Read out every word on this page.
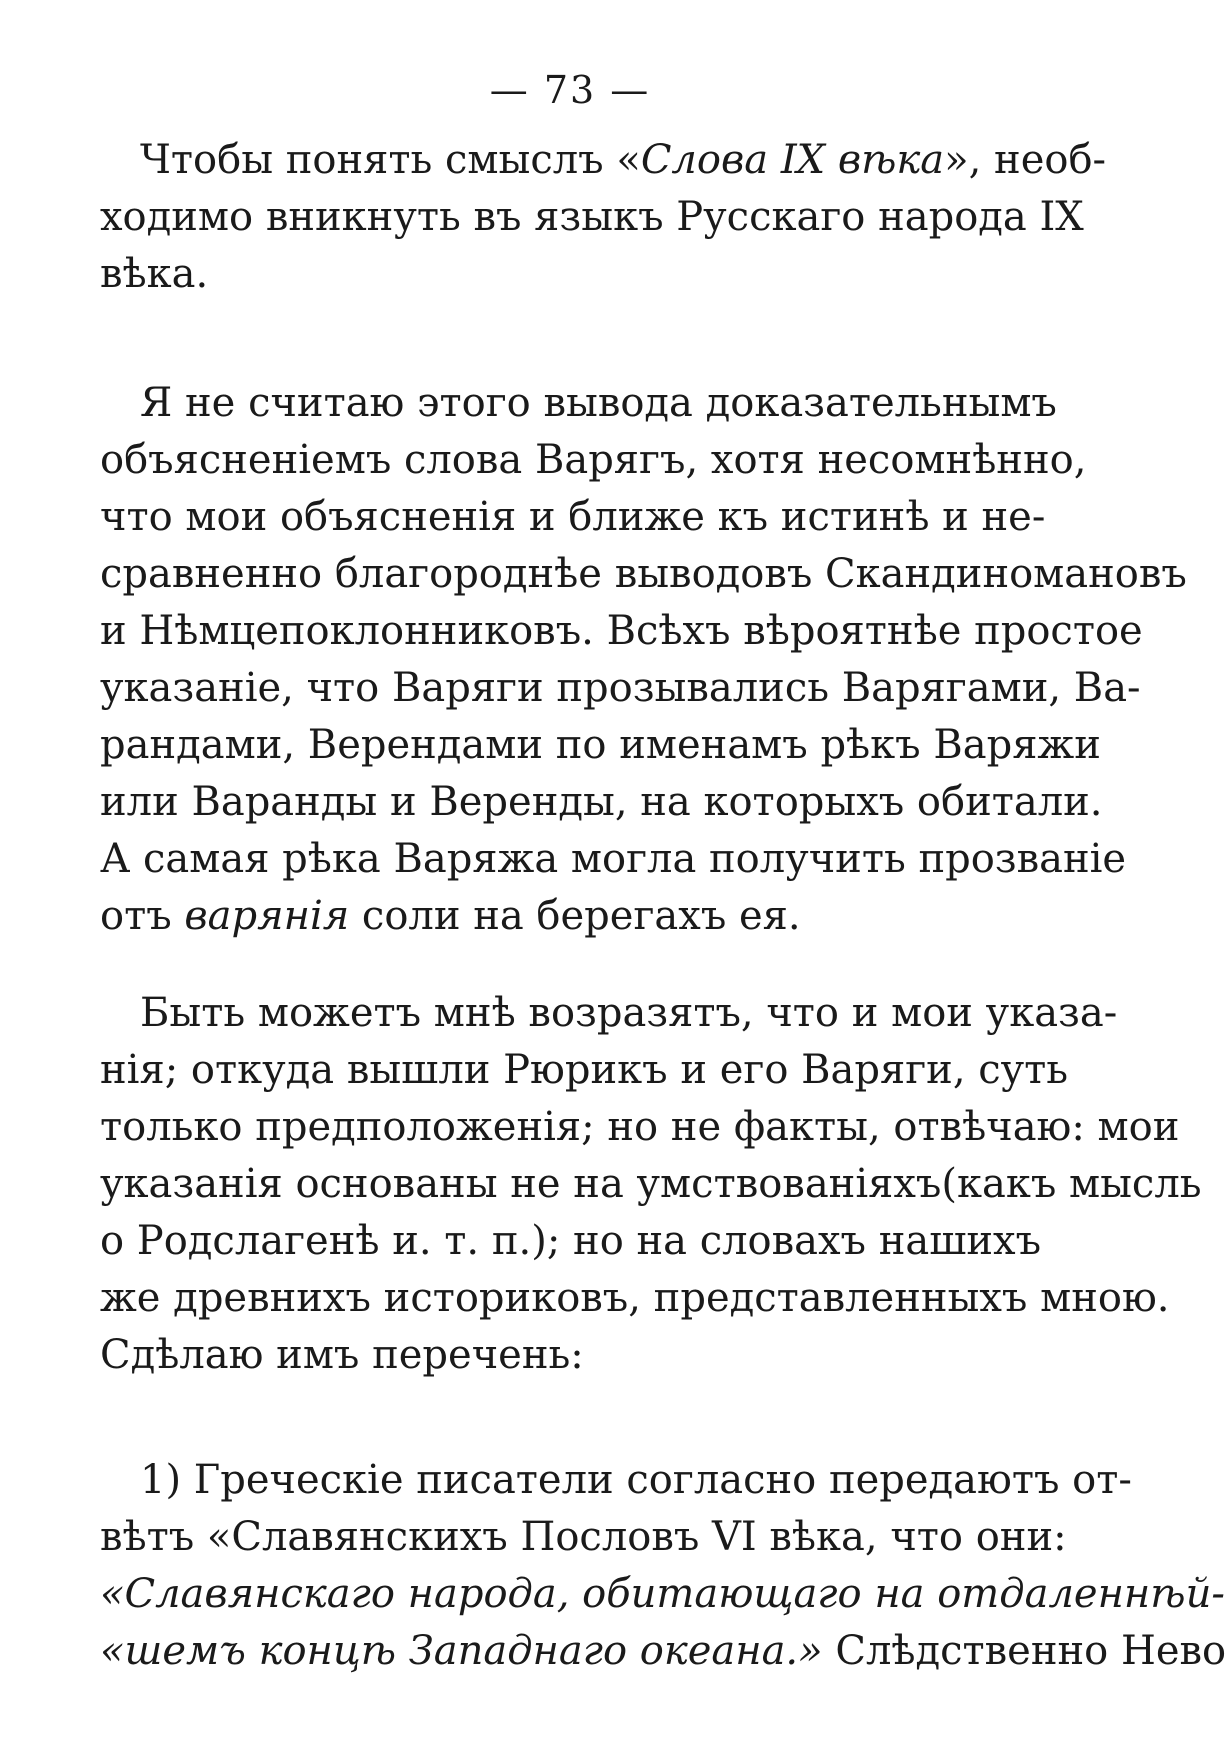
— 73 —
Чтобы понять смыслъ «Слова IX вѣка», необ-
ходимо вникнуть въ языкъ Русскаго народа IX
вѣка.
Я не считаю этого вывода доказательнымъ
объясненіемъ слова Варягъ, хотя несомнѣнно,
что мои объясненія и ближе къ истинѣ и не-
сравненно благороднѣе выводовъ Скандиномановъ
и Нѣмцепоклонниковъ. Всѣхъ вѣроятнѣе простое
указаніе, что Варяги прозывались Варягами, Ва-
рандами, Верендами по именамъ рѣкъ Варяжи
или Варанды и Веренды, на которыхъ обитали.
А самая рѣка Варяжа могла получить прозваніе
отъ варянія соли на берегахъ ея.
Быть можетъ мнѣ возразятъ, что и мои указа-
нія; откуда вышли Рюрикъ и его Варяги, суть
только предположенія; но не факты, отвѣчаю: мои
указанія основаны не на умствованіяхъ(какъ мысль
о Родслагенѣ и. т. п.); но на словахъ нашихъ
же древнихъ историковъ, представленныхъ мною.
Сдѣлаю имъ перечень:
1) Греческіе писатели согласно передаютъ от-
вѣтъ «Славянскихъ Пословъ VI вѣка, что они:
«Славянскаго народа, обитающаго на отдаленнѣй-
«шемъ концѣ Западнаго океана.» Слѣдственно Нево
